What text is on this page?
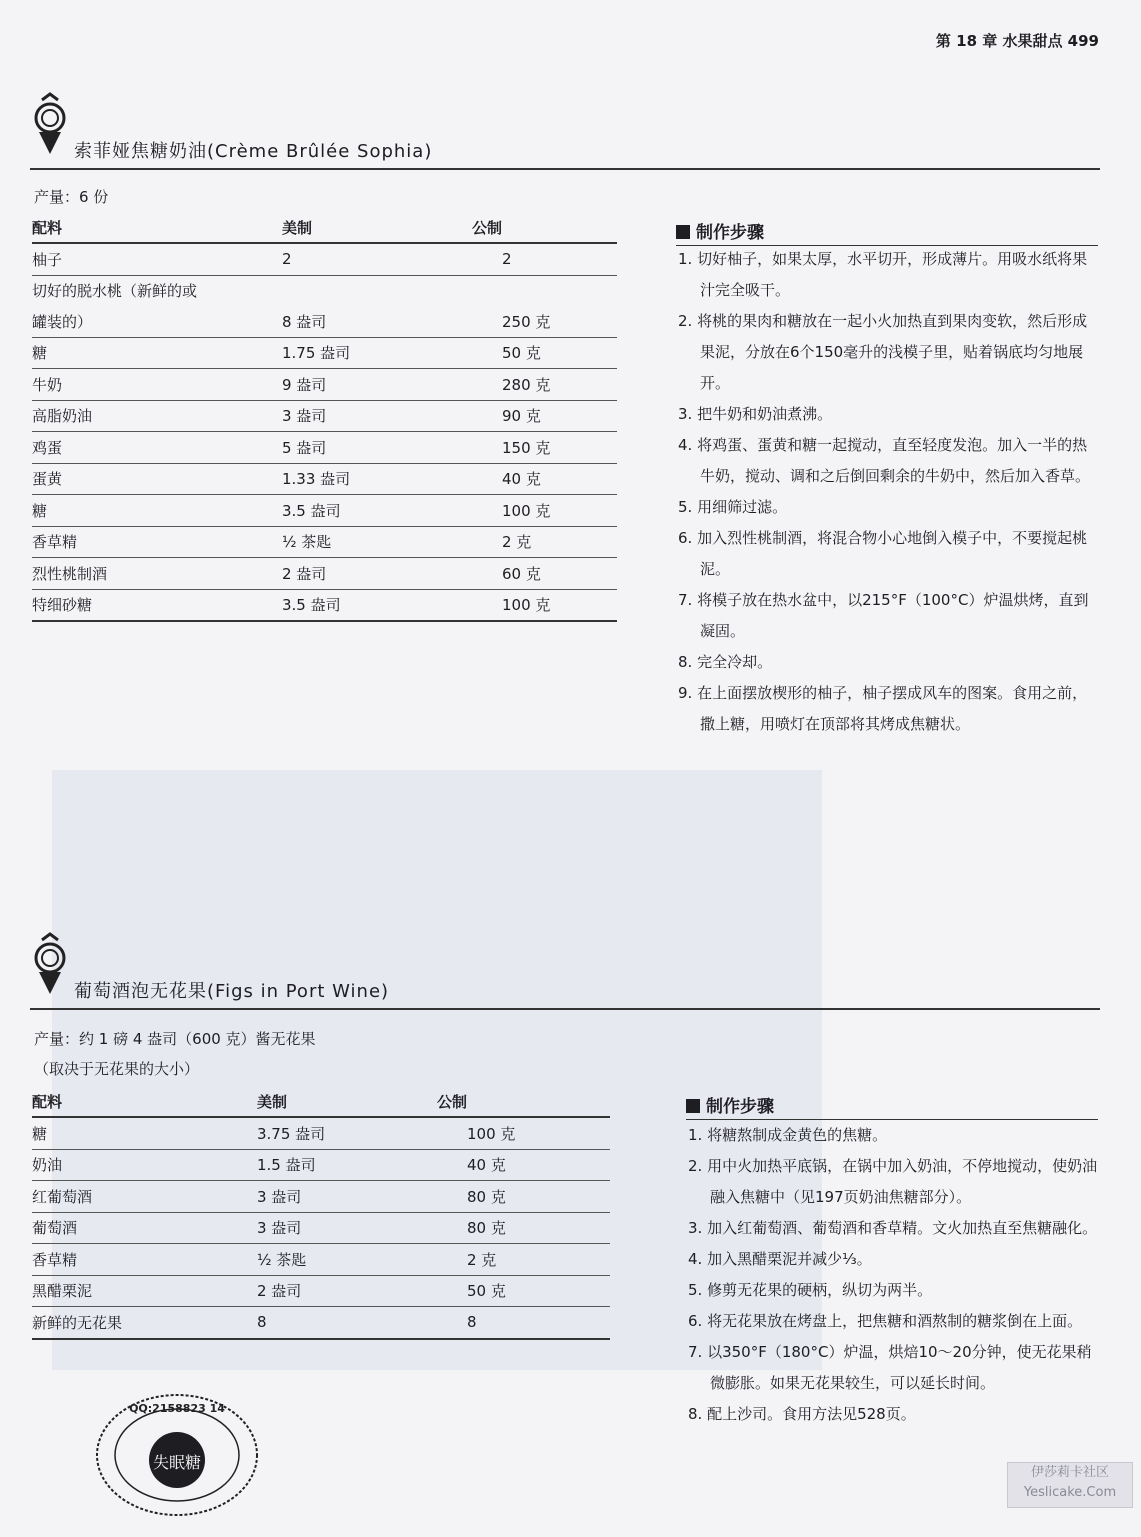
第 18 章 水果甜点 499
索菲娅焦糖奶油(Crème Brûlée Sophia)
产量：6 份
配料	美制	公制
柚子	2	2
切好的脱水桃（新鲜的或		
罐装的）	8 盎司	250 克
糖	1.75 盎司	50 克
牛奶	9 盎司	280 克
高脂奶油	3 盎司	90 克
鸡蛋	5 盎司	150 克
蛋黄	1.33 盎司	40 克
糖	3.5 盎司	100 克
香草精	½ 茶匙	2 克
烈性桃制酒	2 盎司	60 克
特细砂糖	3.5 盎司	100 克
制作步骤
1. 切好柚子，如果太厚，水平切开，形成薄片。用吸水纸将果汁完全吸干。
2. 将桃的果肉和糖放在一起小火加热直到果肉变软，然后形成果泥，分放在6个150毫升的浅模子里，贴着锅底均匀地展开。
3. 把牛奶和奶油煮沸。
4. 将鸡蛋、蛋黄和糖一起搅动，直至轻度发泡。加入一半的热牛奶，搅动、调和之后倒回剩余的牛奶中，然后加入香草。
5. 用细筛过滤。
6. 加入烈性桃制酒，将混合物小心地倒入模子中，不要搅起桃泥。
7. 将模子放在热水盆中，以215°F（100°C）炉温烘烤，直到凝固。
8. 完全冷却。
9. 在上面摆放楔形的柚子，柚子摆成风车的图案。食用之前，撒上糖，用喷灯在顶部将其烤成焦糖状。
葡萄酒泡无花果(Figs in Port Wine)
产量：约 1 磅 4 盎司（600 克）酱无花果
（取决于无花果的大小）
配料	美制	公制
糖	3.75 盎司	100 克
奶油	1.5 盎司	40 克
红葡萄酒	3 盎司	80 克
葡萄酒	3 盎司	80 克
香草精	½ 茶匙	2 克
黑醋栗泥	2 盎司	50 克
新鲜的无花果	8	8
制作步骤
1. 将糖熬制成金黄色的焦糖。
2. 用中火加热平底锅，在锅中加入奶油，不停地搅动，使奶油融入焦糖中（见197页奶油焦糖部分）。
3. 加入红葡萄酒、葡萄酒和香草精。文火加热直至焦糖融化。
4. 加入黑醋栗泥并减少⅓。
5. 修剪无花果的硬柄，纵切为两半。
6. 将无花果放在烤盘上，把焦糖和酒熬制的糖浆倒在上面。
7. 以350°F（180°C）炉温，烘焙10～20分钟，使无花果稍微膨胀。如果无花果较生，可以延长时间。
8. 配上沙司。食用方法见528页。
失眠糖
QQ:2158823 14
伊莎莉卡社区
Yeslicake.Com
